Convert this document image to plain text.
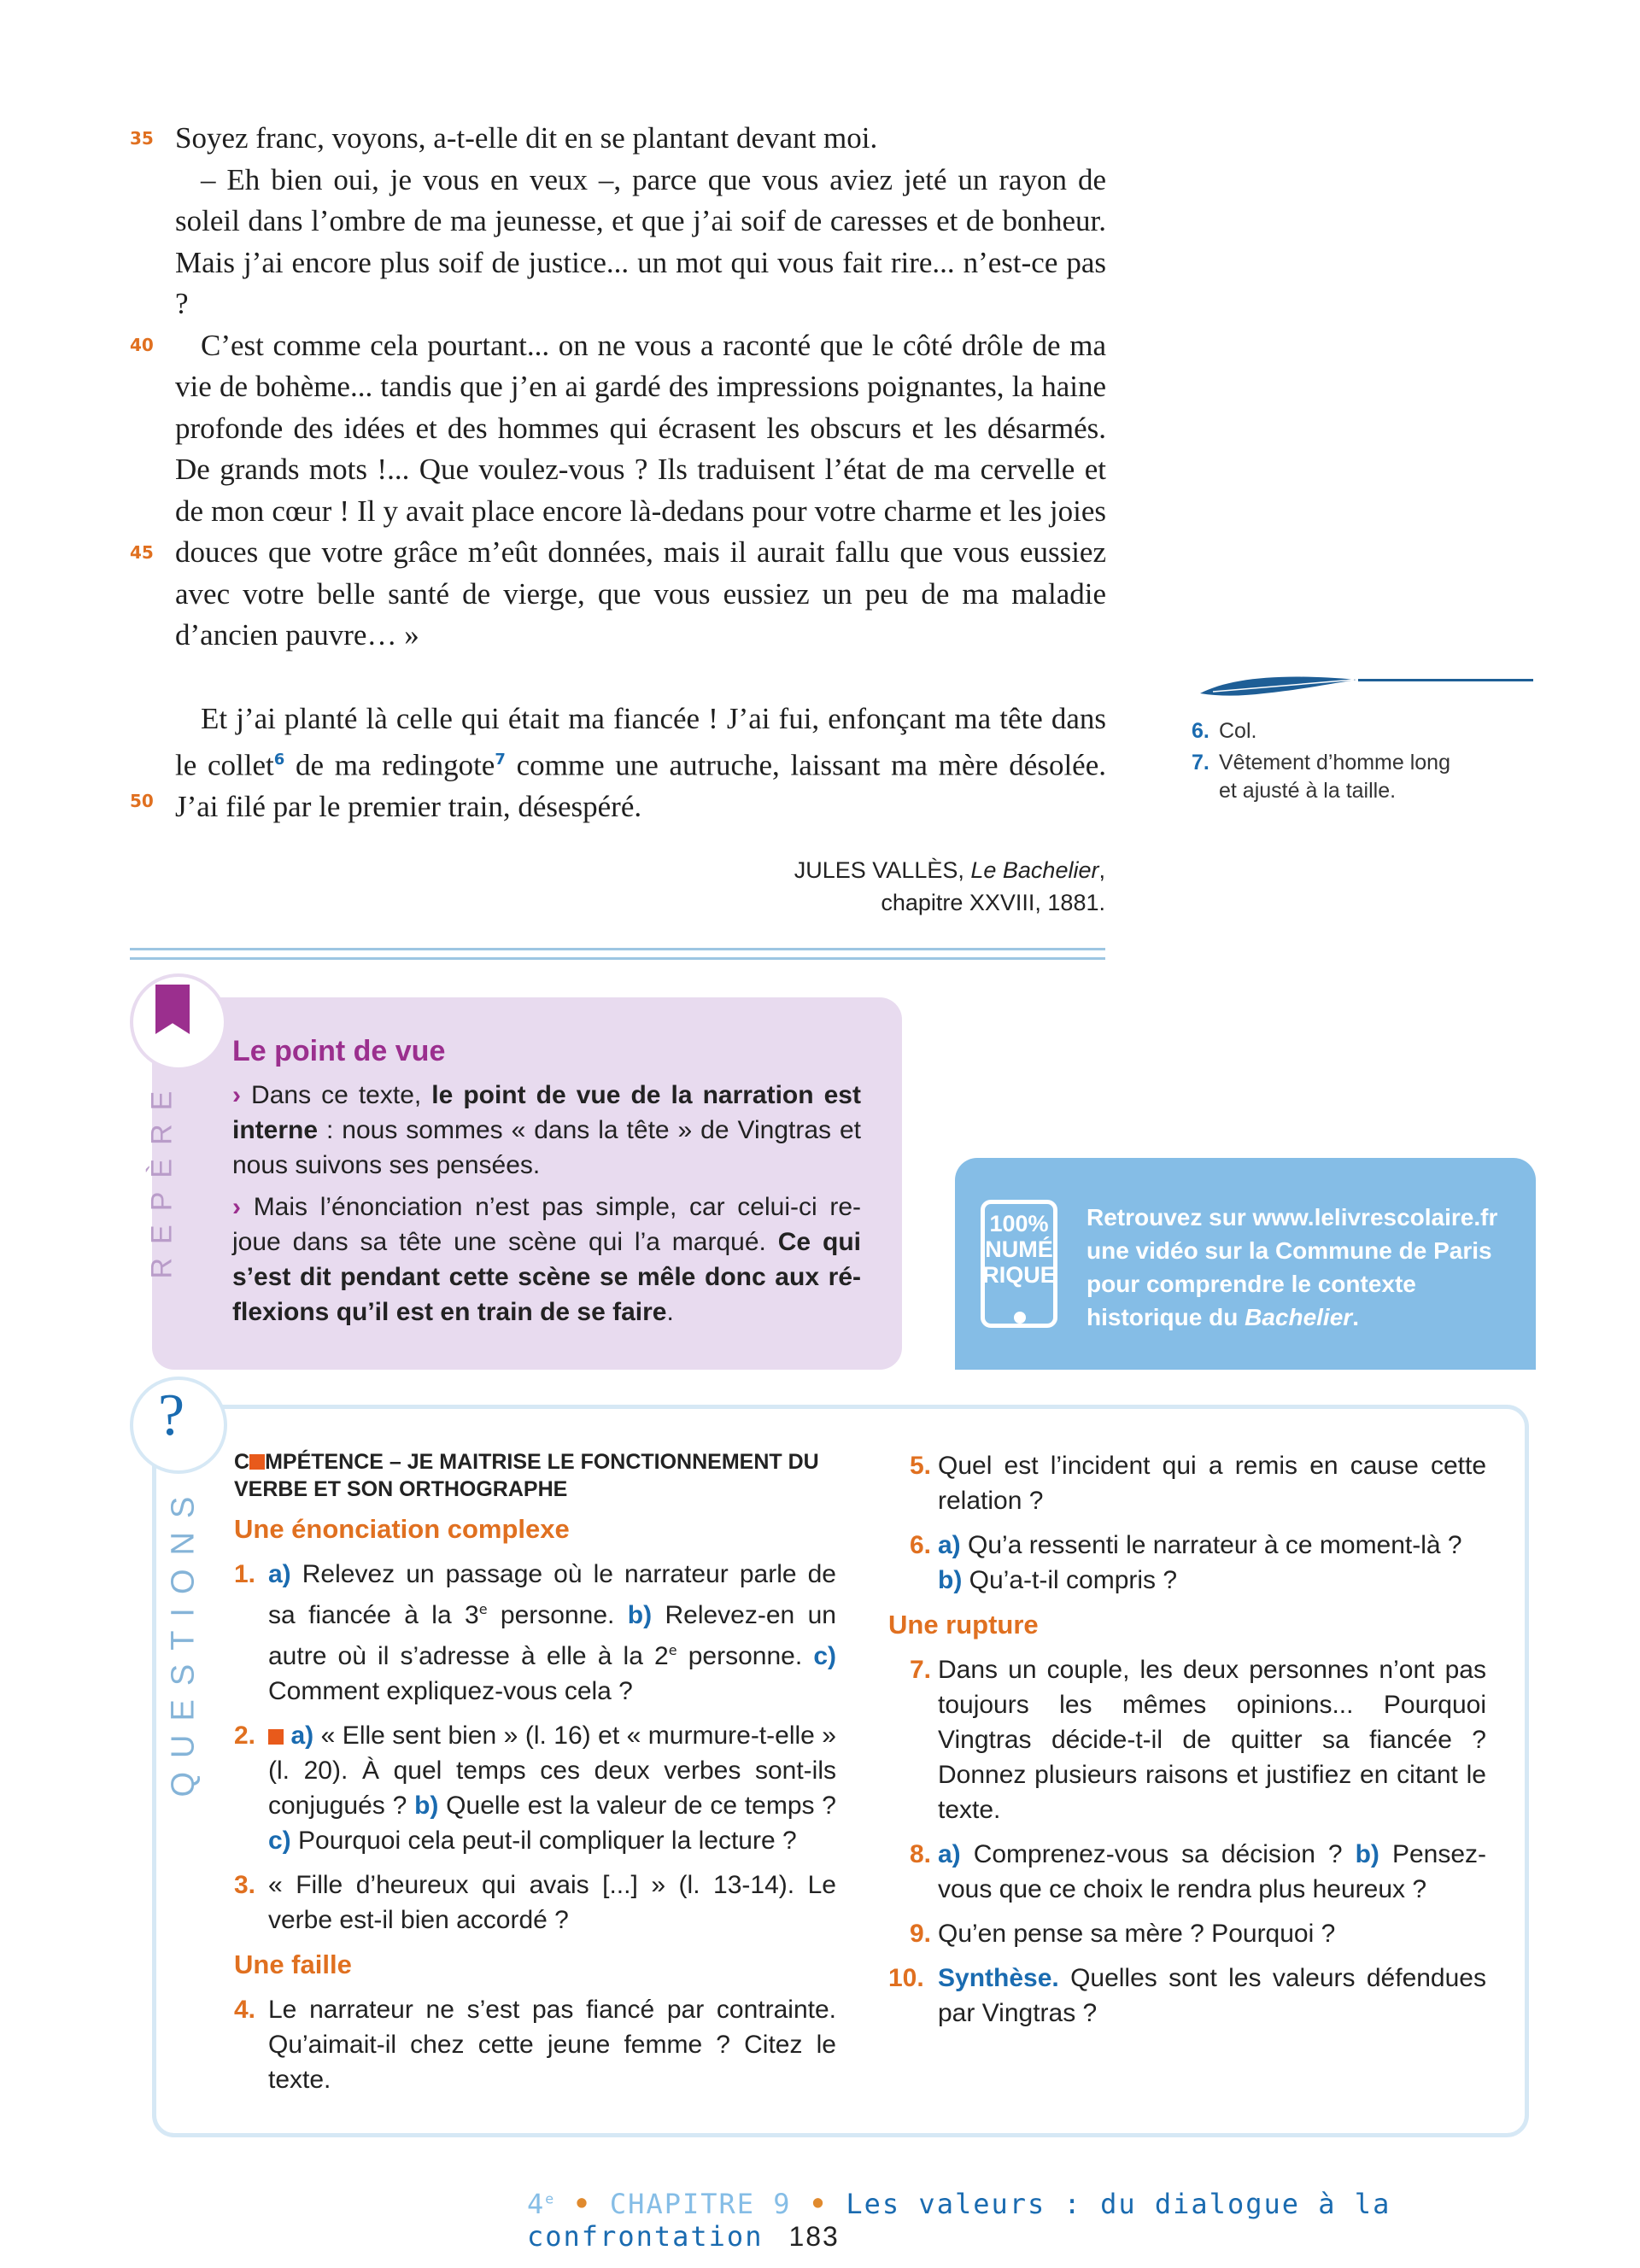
35
40
45
50

Soyez franc, voyons, a-t-elle dit en se plantant devant moi.

– Eh bien oui, je vous en veux –, parce que vous aviez jeté un rayon de soleil dans l’ombre de ma jeunesse, et que j’ai soif de caresses et de bonheur. Mais j’ai encore plus soif de justice... un mot qui vous fait rire... n’est-ce pas ?

C’est comme cela pourtant... on ne vous a raconté que le côté drôle de ma vie de bohème... tandis que j’en ai gardé des impressions poignantes, la haine profonde des idées et des hommes qui écrasent les obscurs et les désarmés. De grands mots !... Que voulez-vous ? Ils traduisent l’état de ma cervelle et de mon cœur ! Il y avait place encore là-dedans pour votre charme et les joies douces que votre grâce m’eût données, mais il aurait fallu que vous eussiez avec votre belle santé de vierge, que vous eussiez un peu de ma maladie d’ancien pauvre… »

Et j’ai planté là celle qui était ma fiancée ! J’ai fui, enfonçant ma tête dans le collet$^6$ de ma redingote$^7$ comme une autruche, laissant ma mère désolée. J’ai filé par le premier train, désespéré.

JULES VALLÈS, Le Bachelier,
chapitre XXVIII, 1881.
6. Col.
7. Vêtement d’homme long et ajusté à la taille.
REPÈRE
Le point de vue

› Dans ce texte, le point de vue de la narration est interne : nous sommes « dans la tête » de Vingtras et nous suivons ses pensées.

› Mais l’énonciation n’est pas simple, car celui-ci re-joue dans sa tête une scène qui l’a marqué. Ce qui s’est dit pendant cette scène se mêle donc aux ré-flexions qu’il est en train de se faire.

100% NUMÉ RIQUE
Retrouvez sur www.lelivrescolaire.fr une vidéo sur la Commune de Paris pour comprendre le contexte historique du Bachelier.
?
QUESTIONS
C MPÉTENCE – JE MAITRISE LE FONCTIONNEMENT DU VERBE ET SON ORTHOGRAPHE
Une énonciation complexe
1. a) Relevez un passage où le narrateur parle de sa fiancée à la 3e personne. b) Relevez-en un autre où il s’adresse à elle à la 2e personne. c) Comment expliquez-vous cela ?
2.	a) « Elle sent bien » (l. 16) et « murmure-t-elle » (l. 20). À quel temps ces deux verbes sont-ils conjugués ? b) Quelle est la valeur de ce temps ? c) Pourquoi cela peut-il compliquer la lecture ?
3. « Fille d’heureux qui avais [...] » (l. 13-14). Le verbe est-il bien accordé ?
Une faille
4. Le narrateur ne s’est pas fiancé par contrainte. Qu’aimait-il chez cette jeune femme ? Citez le texte.
5. Quel est l’incident qui a remis en cause cette relation ?
6. a) Qu’a ressenti le narrateur à ce moment-là ?
b) Qu’a-t-il compris ?
Une rupture
7. Dans un couple, les deux personnes n’ont pas toujours les mêmes opinions... Pourquoi Vingtras décide-t-il de quitter sa fiancée ? Donnez plusieurs raisons et justifiez en citant le texte.
8. a) Comprenez-vous sa décision ? b) Pensez-vous que ce choix le rendra plus heureux ?
9. Qu’en pense sa mère ? Pourquoi ?
10. Synthèse. Quelles sont les valeurs défendues par Vingtras ?
4e • CHAPITRE 9 • Les valeurs : du dialogue à la confrontation 183
